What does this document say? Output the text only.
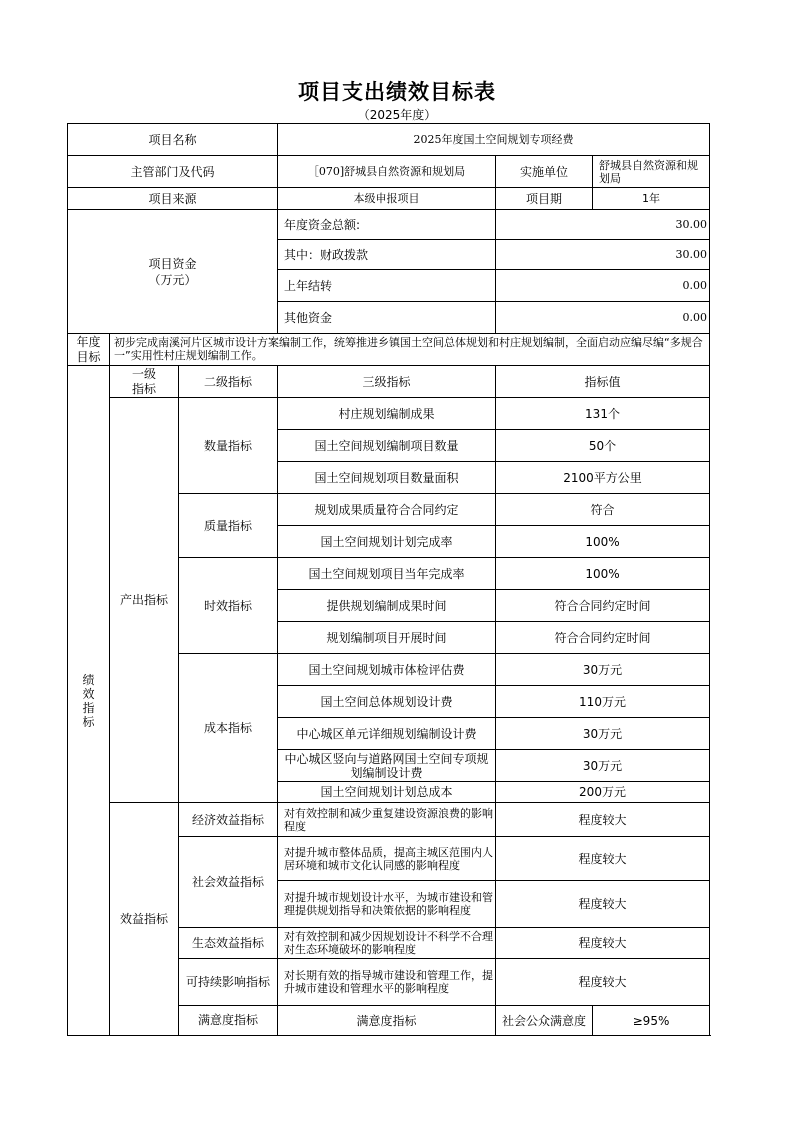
项目支出绩效目标表
（2025年度）
项目名称			2025年度国土空间规划专项经费		
主管部门及代码			［070]舒城县自然资源和规划局	实施单位	舒城县自然资源和规划局
项目来源			本级申报项目	项目期	1年
项目资金
（万元）			年度资金总额:	30.00	
			其中：财政拨款	30.00	
			上年结转	0.00	
			其他资金	0.00	
年度
目标	初步完成南溪河片区城市设计方案编制工作，统筹推进乡镇国土空间总体规划和村庄规划编制，全面启动应编尽编“多规合一”实用性村庄规划编制工作。				
绩
效
指
标	一级
指标	二级指标	三级指标	指标值	
	产出指标	数量指标	村庄规划编制成果	131个	
			国土空间规划编制项目数量	50个	
			国土空间规划项目数量面积	2100平方公里	
		质量指标	规划成果质量符合合同约定	符合	
			国土空间规划计划完成率	100%	
		时效指标	国土空间规划项目当年完成率	100%	
			提供规划编制成果时间	符合合同约定时间	
			规划编制项目开展时间	符合合同约定时间	
		成本指标	国土空间规划城市体检评估费	30万元	
			国土空间总体规划设计费	110万元	
			中心城区单元详细规划编制设计费	30万元	
			中心城区竖向与道路网国土空间专项规划编制设计费	30万元	
			国土空间规划计划总成本	200万元	
	效益指标	经济效益指标	对有效控制和减少重复建设资源浪费的影响程度	程度较大	
		社会效益指标	对提升城市整体品质，提高主城区范围内人居环境和城市文化认同感的影响程度	程度较大	
			对提升城市规划设计水平，为城市建设和管理提供规划指导和决策依据的影响程度	程度较大	
		生态效益指标	对有效控制和减少因规划设计不科学不合理对生态环境破坏的影响程度	程度较大	
		可持续影响指标	对长期有效的指导城市建设和管理工作，提升城市建设和管理水平的影响程度	程度较大	
		满意度指标	满意度指标	社会公众满意度	≥95%
